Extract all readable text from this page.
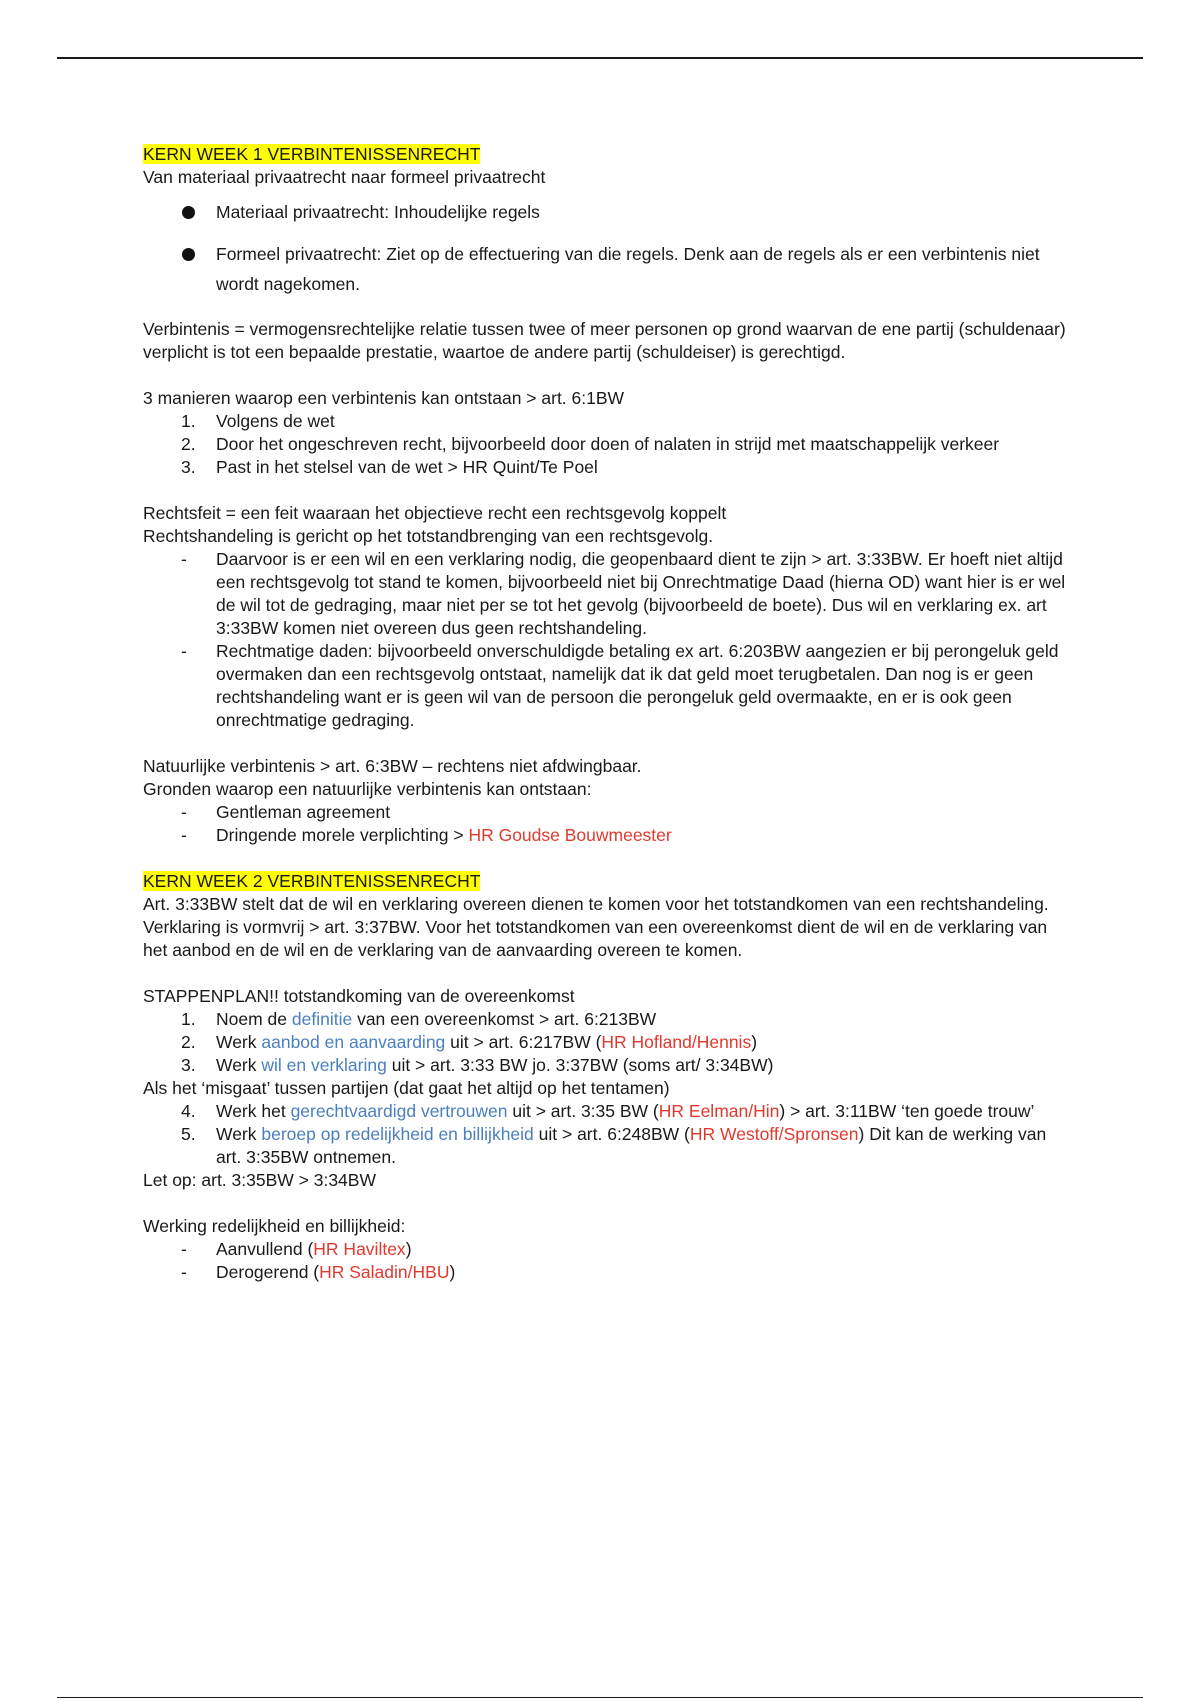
KERN WEEK 1 VERBINTENISSENRECHT

Van materiaal privaatrecht naar formeel privaatrecht

Materiaal privaatrecht: Inhoudelijke regels
Formeel privaatrecht: Ziet op de effectuering van die regels. Denk aan de regels als er een verbintenis niet wordt nagekomen.

Verbintenis = vermogensrechtelijke relatie tussen twee of meer personen op grond waarvan de ene partij (schuldenaar) verplicht is tot een bepaalde prestatie, waartoe de andere partij (schuldeiser) is gerechtigd.

3 manieren waarop een verbintenis kan ontstaan > art. 6:1BW

1. Volgens de wet
2. Door het ongeschreven recht, bijvoorbeeld door doen of nalaten in strijd met maatschappelijk verkeer
3. Past in het stelsel van de wet > HR Quint/Te Poel

Rechtsfeit = een feit waaraan het objectieve recht een rechtsgevolg koppelt

Rechtshandeling is gericht op het totstandbrenging van een rechtsgevolg.

- Daarvoor is er een wil en een verklaring nodig, die geopenbaard dient te zijn > art. 3:33BW. Er hoeft niet altijd een rechtsgevolg tot stand te komen, bijvoorbeeld niet bij Onrechtmatige Daad (hierna OD) want hier is er wel de wil tot de gedraging, maar niet per se tot het gevolg (bijvoorbeeld de boete). Dus wil en verklaring ex. art 3:33BW komen niet overeen dus geen rechtshandeling.
- Rechtmatige daden: bijvoorbeeld onverschuldigde betaling ex art. 6:203BW aangezien er bij perongeluk geld overmaken dan een rechtsgevolg ontstaat, namelijk dat ik dat geld moet terugbetalen. Dan nog is er geen rechtshandeling want er is geen wil van de persoon die perongeluk geld overmaakte, en er is ook geen onrechtmatige gedraging.

Natuurlijke verbintenis > art. 6:3BW – rechtens niet afdwingbaar.

Gronden waarop een natuurlijke verbintenis kan ontstaan:

- Gentleman agreement
- Dringende morele verplichting > HR Goudse Bouwmeester

KERN WEEK 2 VERBINTENISSENRECHT

Art. 3:33BW stelt dat de wil en verklaring overeen dienen te komen voor het totstandkomen van een rechtshandeling. Verklaring is vormvrij > art. 3:37BW. Voor het totstandkomen van een overeenkomst dient de wil en de verklaring van het aanbod en de wil en de verklaring van de aanvaarding overeen te komen.

STAPPENPLAN!! totstandkoming van de overeenkomst

1. Noem de definitie van een overeenkomst > art. 6:213BW
2. Werk aanbod en aanvaarding uit > art. 6:217BW (HR Hofland/Hennis)
3. Werk wil en verklaring uit > art. 3:33 BW jo. 3:37BW (soms art/ 3:34BW)

Als het ‘misgaat’ tussen partijen (dat gaat het altijd op het tentamen)

4. Werk het gerechtvaardigd vertrouwen uit > art. 3:35 BW (HR Eelman/Hin) > art. 3:11BW ‘ten goede trouw’
5. Werk beroep op redelijkheid en billijkheid uit > art. 6:248BW (HR Westoff/Spronsen) Dit kan de werking van art. 3:35BW ontnemen.

Let op: art. 3:35BW > 3:34BW

Werking redelijkheid en billijkheid:

- Aanvullend (HR Haviltex)
- Derogerend (HR Saladin/HBU)
